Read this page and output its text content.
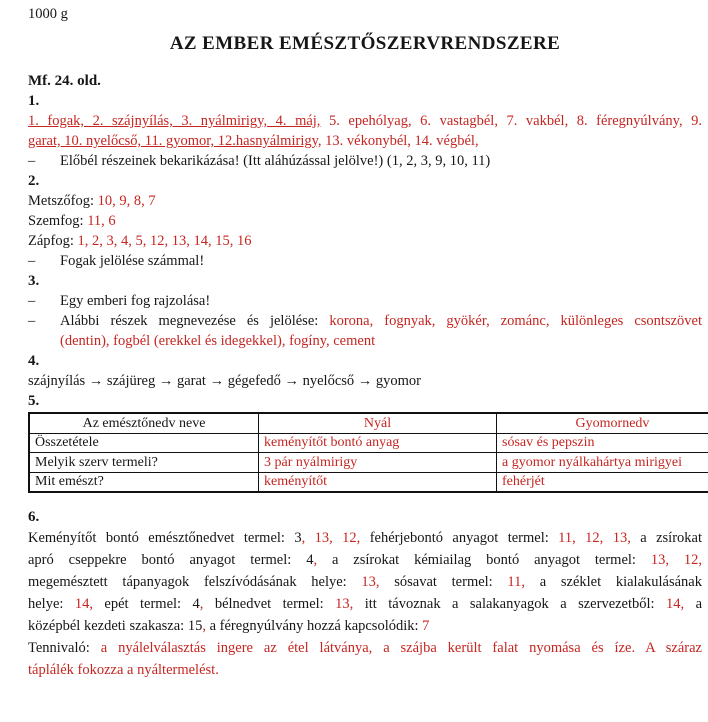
1000 g
AZ EMBER EMÉSZTŐSZERVRENDSZERE
Mf. 24. old.
1.
1. fogak, 2. szájnyílás, 3. nyálmirigy, 4. máj, 5. epehólyag, 6. vastagbél, 7. vakbél, 8. féregnyúlvány, 9.
garat, 10. nyelőcső, 11. gyomor, 12.hasnyálmirigy, 13. vékonybél, 14. végbél,
–	Előbél részeinek bekarikázása! (Itt aláhúzással jelölve!) (1, 2, 3, 9, 10, 11)
2.
Metszőfog: 10, 9, 8, 7
Szemfog: 11, 6
Zápfog: 1, 2, 3, 4, 5, 12, 13, 14, 15, 16
–	Fogak jelölése számmal!
3.
–	Egy emberi fog rajzolása!
–	Alábbi részek megnevezése és jelölése: korona, fognyak, gyökér, zománc, különleges csontszövet
(dentin), fogbél (erekkel és idegekkel), fogíny, cement
4.
szájnyílás → szájüreg → garat → gégefedő → nyelőcső → gyomor
5.
Az emésztőnedv neve	Nyál	Gyomornedv
Összetétele	keményítőt bontó anyag	sósav és pepszin
Melyik szerv termeli?	3 pár nyálmirigy	a gyomor nyálkahártya mirigyei
Mit emészt?	keményítőt	fehérjét
6.
Keményítőt bontó emésztőnedvet termel: 3, 13, 12, fehérjebontó anyagot termel: 11, 12, 13, a zsírokat
apró cseppekre bontó anyagot termel: 4, a zsírokat kémiailag bontó anyagot termel: 13, 12,
megemésztett tápanyagok felszívódásának helye: 13, sósavat termel: 11, a széklet kialakulásának
helye: 14, epét termel: 4, bélnedvet termel: 13, itt távoznak a salakanyagok a szervezetből: 14, a
középbél kezdeti szakasza: 15, a féregnyúlvány hozzá kapcsolódik: 7
Tennivaló: a nyálelválasztás ingere az étel látványa, a szájba került falat nyomása és íze. A száraz
táplálék fokozza a nyáltermelést.
